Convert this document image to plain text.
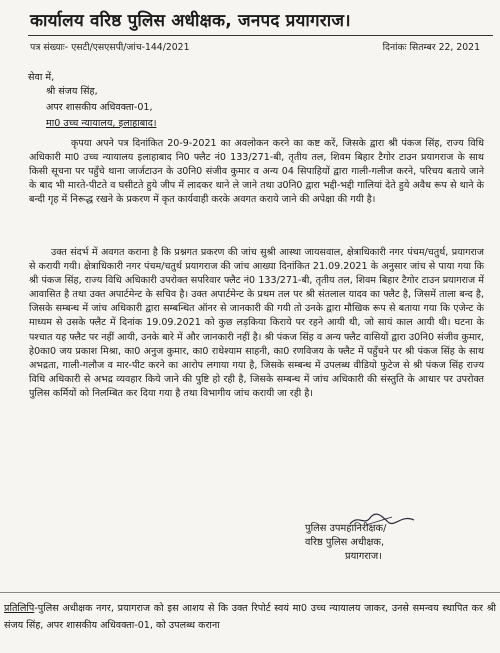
कार्यालय वरिष्ठ पुलिस अधीक्षक, जनपद प्रयागराज।
पत्र संख्याः- एसटी/एसएसपी/जांच-144/2021	दिनांकः सितम्बर 22, 2021
सेवा में,
श्री संजय सिंह,
अपर शासकीय अधिवक्ता-01,
मा0 उच्च न्यायालय, इलाहाबाद।

कृपया अपने पत्र दिनांकित 20-9-2021 का अवलोकन करने का कष्ट करें, जिसके द्वारा श्री पंकज सिंह, राज्य विधि अधिकारी मा0 उच्च न्यायालय इलाहाबाद नि0 फ्लैट नं0 133/271-बी, तृतीय तल, शिवम बिहार टैगोर टाउन प्रयागराज के साथ किसी सूचना पर पहुँचे थाना जार्जटाउन के उ0नि0 संजीव कुमार व अन्य 04 सिपाहियों द्वारा गाली-गलीज करने, परिचय बताये जाने के बाद भी मारते-पीटते व घसीटते हुये जीप में लादकर थाने ले जाने तथा उ0नि0 द्वारा भद्दी-भद्दी गालियां देते हुये अवैध रूप से थाने के बन्दी गृह में निरूद्ध रखने के प्रकरण में कृत कार्यवाही करके अवगत कराये जाने की अपेक्षा की गयी है।

उक्त संदर्भ में अवगत कराना है कि प्रश्नगत प्रकरण की जांच सुश्री आस्था जायसवाल, क्षेत्राधिकारी नगर पंचम/चतुर्थ, प्रयागराज से करायी गयी। क्षेत्राधिकारी नगर पंचम/चतुर्थ प्रयागराज की जांच आख्या दिनांकित 21.09.2021 के अनुसार जांच से पाया गया कि श्री पंकज सिंह, राज्य विधि अधिकारी उपरोक्त सपरिवार फ्लैट नं0 133/271-बी, तृतीय तल, शिवम बिहार टैगोर टाउन प्रयागराज में आवासित है तथा उक्त अपार्टमेन्ट के सचिव है। उक्त अपार्टमेन्ट के प्रथम तल पर श्री संतलाल यादव का फ्लैट है, जिसमें ताला बन्द है, जिसके सम्बन्ध में जांच अधिकारी द्वारा सम्बन्धित ऑनर से जानकारी की गयी तो उनके द्वारा मौखिक रूप से बताया गया कि एजेन्ट के माध्यम से उसके फ्लैट में दिनांक 19.09.2021 को कुछ लड़किया किराये पर रहने आयी थी, जो सायं काल आयी थी। घटना के पश्चात यह फ्लैट पर नहीं आयी, उनके बारे में और जानकारी नहीं है। श्री पंकज सिंह व अन्य फ्लैट वासियों द्वारा उ0नि0 संजीव कुमार, हे0का0 जय प्रकाश मिश्रा, का0 अनुज कुमार, का0 राधेश्याम साहनी, का0 रणविजय के फ्लैट में पहुँचने पर श्री पंकज सिंह के साथ अभद्रता, गाली-गलौज व मार-पीट करने का आरोप लगाया गया है, जिसके सम्बन्ध में उपलब्ध वीडियो फुटेज से श्री पंकज सिंह राज्य विधि अधिकारी से अभद्र व्यवहार किये जाने की पुष्टि हो रही है, जिसके सम्बन्ध में जांच अधिकारी की संस्तुति के आधार पर उपरोक्त पुलिस कर्मियों को निलम्बित कर दिया गया है तथा विभागीय जांच करायी जा रही है।

पुलिस उपमहानिरीक्षक/
वरिष्ठ पुलिस अधीक्षक,
प्रयागराज।

प्रतिलिपि-पुलिस अधीक्षक नगर, प्रयागराज को इस आशय से कि उक्त रिपोर्ट स्वयं मा0 उच्च न्यायालय जाकर, उनसे समन्वय स्थापित कर श्री संजय सिंह, अपर शासकीय अधिवक्ता-01, को उपलब्ध कराना
